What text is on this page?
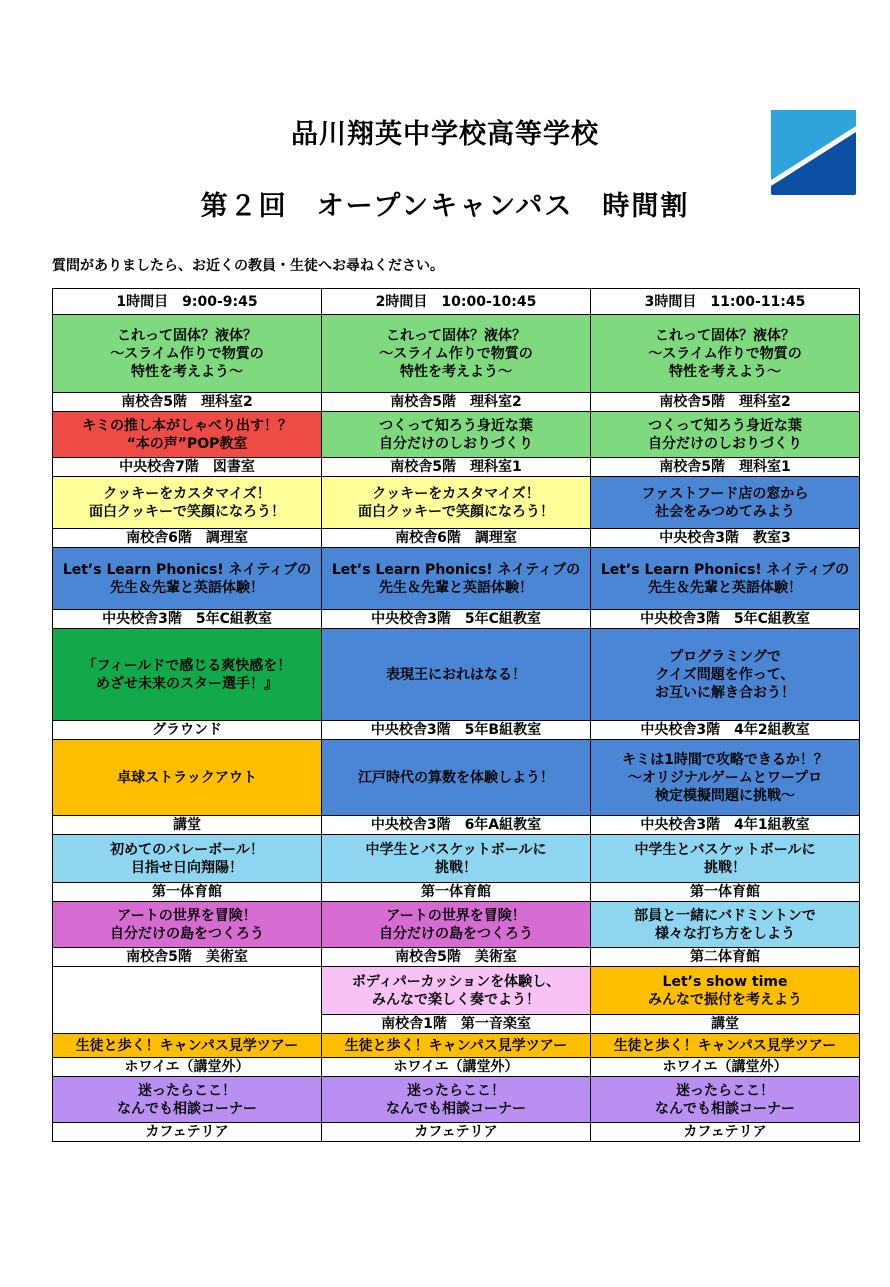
品川翔英中学校高等学校
第２回　オープンキャンパス　時間割
質問がありましたら、お近くの教員・生徒へお尋ねください。
1時間目　9:00-9:45	2時間目　10:00-10:45	3時間目　11:00-11:45
これって固体？液体？
～スライム作りで物質の
特性を考えよう～	これって固体？液体？
～スライム作りで物質の
特性を考えよう～	これって固体？液体？
～スライム作りで物質の
特性を考えよう～
南校舎5階　理科室2	南校舎5階　理科室2	南校舎5階　理科室2
キミの推し本がしゃべり出す！？
“本の声”POP教室	つくって知ろう身近な葉
自分だけのしおりづくり	つくって知ろう身近な葉
自分だけのしおりづくり
中央校舎7階　図書室	南校舎5階　理科室1	南校舎5階　理科室1
クッキーをカスタマイズ！
面白クッキーで笑顔になろう！	クッキーをカスタマイズ！
面白クッキーで笑顔になろう！	ファストフード店の窓から
社会をみつめてみよう
南校舎6階　調理室	南校舎6階　調理室	中央校舎3階　教室3
Let’s Learn Phonics! ネイティブの
先生＆先輩と英語体験！	Let’s Learn Phonics! ネイティブの
先生＆先輩と英語体験！	Let’s Learn Phonics! ネイティブの
先生＆先輩と英語体験！
中央校舎3階　5年C組教室	中央校舎3階　5年C組教室	中央校舎3階　5年C組教室
「フィールドで感じる爽快感を！
めざせ未来のスター選手！』	表現王におれはなる！	プログラミングで
クイズ問題を作って、
お互いに解き合おう！
グラウンド	中央校舎3階　5年B組教室	中央校舎3階　4年2組教室
卓球ストラックアウト	江戸時代の算数を体験しよう！	キミは1時間で攻略できるか！？
～オリジナルゲームとワープロ
検定模擬問題に挑戦～
講堂	中央校舎3階　6年A組教室	中央校舎3階　4年1組教室
初めてのバレーボール！
目指せ日向翔陽！	中学生とバスケットボールに
挑戦！	中学生とバスケットボールに
挑戦！
第一体育館	第一体育館	第一体育館
アートの世界を冒険！
自分だけの島をつくろう	アートの世界を冒険！
自分だけの島をつくろう	部員と一緒にバドミントンで
様々な打ち方をしよう
南校舎5階　美術室	南校舎5階　美術室	第二体育館
	ボディパーカッションを体験し、
みんなで楽しく奏でよう！	Let’s show time
みんなで振付を考えよう
	南校舎1階　第一音楽室	講堂
生徒と歩く！キャンパス見学ツアー	生徒と歩く！キャンパス見学ツアー	生徒と歩く！キャンパス見学ツアー
ホワイエ（講堂外）	ホワイエ（講堂外）	ホワイエ（講堂外）
迷ったらここ！
なんでも相談コーナー	迷ったらここ！
なんでも相談コーナー	迷ったらここ！
なんでも相談コーナー
カフェテリア	カフェテリア	カフェテリア
